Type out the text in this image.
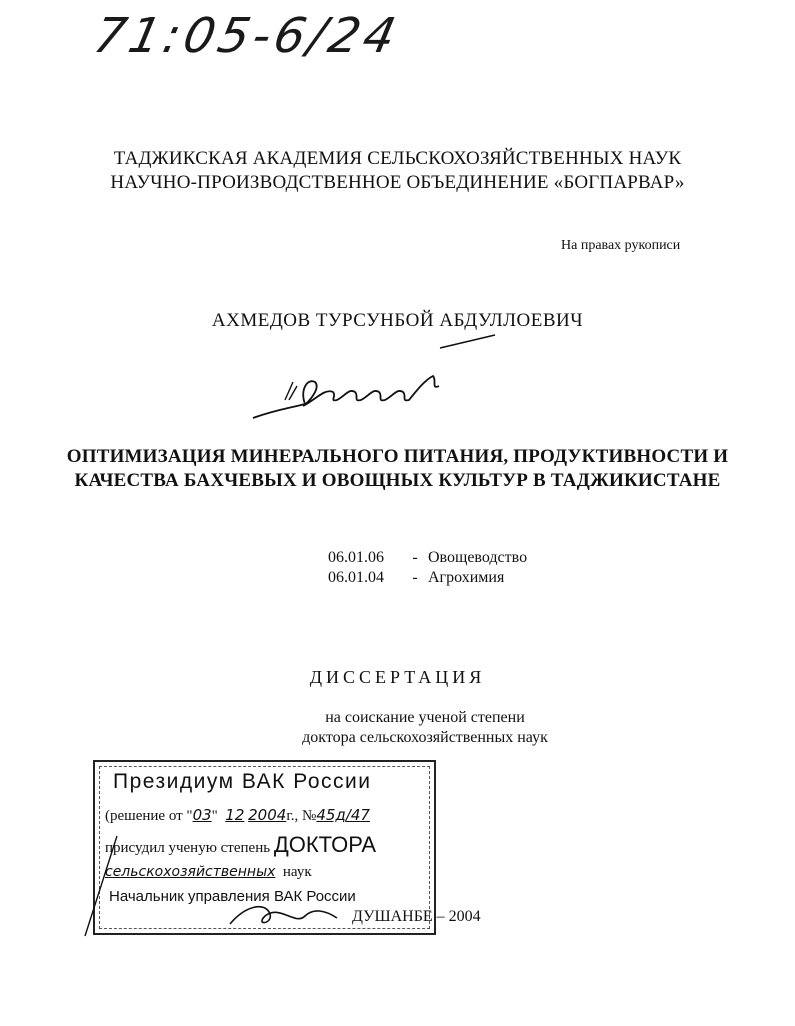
71:05-6/24
ТАДЖИКСКАЯ АКАДЕМИЯ СЕЛЬСКОХОЗЯЙСТВЕННЫХ НАУК
НАУЧНО-ПРОИЗВОДСТВЕННОЕ ОБЪЕДИНЕНИЕ «БОГПАРВАР»
На правах рукописи
АХМЕДОВ ТУРСУНБОЙ АБДУЛЛОЕВИЧ
ОПТИМИЗАЦИЯ МИНЕРАЛЬНОГО ПИТАНИЯ, ПРОДУКТИВНОСТИ И
КАЧЕСТВА БАХЧЕВЫХ И ОВОЩНЫХ КУЛЬТУР В ТАДЖИКИСТАНЕ
06.01.06 - Овощеводство
06.01.04 - Агрохимия
ДИССЕРТАЦИЯ
на соискание ученой степени
доктора сельскохозяйственных наук
Президиум ВАК России
(решение от "03"  12 2004г., №45д/47
присудил ученую степень ДОКТОРА
сельскохозяйственных наук
Начальник управления ВАК России
ДУШАНБЕ – 2004
